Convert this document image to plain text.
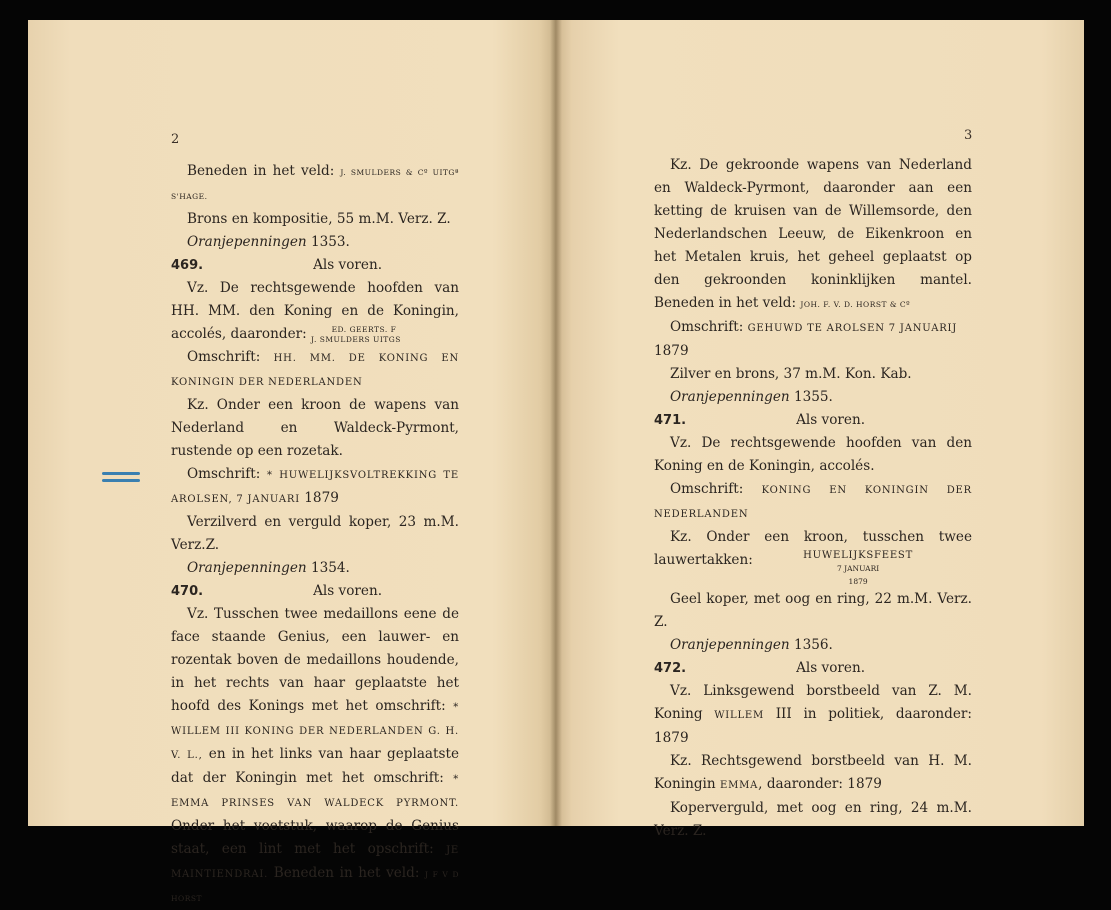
2

Beneden in het veld: J. SMULDERS & Cº UITGª S'HAGE.

Brons en kompositie, 55 m.M. Verz. Z.

Oranjepenningen 1353.

469.	Als voren.

Vz. De rechtsgewende hoofden van HH. MM. den Koning en de Koningin, accolés, daaronder:	ED. GEERTS. F
J. SMULDERS UITGS

Omschrift: HH. MM. DE KONING EN KONINGIN DER NEDERLANDEN

Kz. Onder een kroon de wapens van Nederland en Waldeck-Pyrmont, rustende op een rozetak.

Omschrift: * HUWELIJKSVOLTREKKING TE AROLSEN, 7 JANUARI 1879

Verzilverd en verguld koper, 23 m.M. Verz.Z.

Oranjepenningen 1354.

470.	Als voren.

Vz. Tusschen twee medaillons eene de face staande Genius, een lauwer- en rozentak boven de medaillons houdende, in het rechts van haar geplaatste het hoofd des Konings met het omschrift: * WILLEM III KONING DER NEDERLANDEN G. H. V. L., en in het links van haar geplaatste dat der Koningin met het omschrift: * EMMA PRINSES VAN WALDECK PYRMONT. Onder het voetstuk, waarop de Genius staat, een lint met het opschrift: JE MAINTIENDRAI. Beneden in het veld: J F V D HORST

3

Kz. De gekroonde wapens van Nederland en Waldeck-Pyrmont, daaronder aan een ketting de kruisen van de Willemsorde, den Nederlandschen Leeuw, de Eikenkroon en het Metalen kruis, het geheel geplaatst op den gekroonden koninklijken mantel. Beneden in het veld: JOH. F. V. D. HORST & Cº

Omschrift: GEHUWD TE AROLSEN 7 JANUARIJ

1879

Zilver en brons, 37 m.M. Kon. Kab.

Oranjepenningen 1355.

471.	Als voren.

Vz. De rechtsgewende hoofden van den Koning en de Koningin, accolés.

Omschrift: KONING EN KONINGIN DER NEDERLANDEN

Kz. Onder een kroon, tusschen twee lauwertakken:	HUWELIJKSFEEST
7 JANUARI
1879

Geel koper, met oog en ring, 22 m.M. Verz. Z.

Oranjepenningen 1356.

472.	Als voren.

Vz. Linksgewend borstbeeld van Z. M. Koning WILLEM III in politiek, daaronder: 1879

Kz. Rechtsgewend borstbeeld van H. M. Koningin EMMA, daaronder: 1879

Koperverguld, met oog en ring, 24 m.M. Verz. Z.
